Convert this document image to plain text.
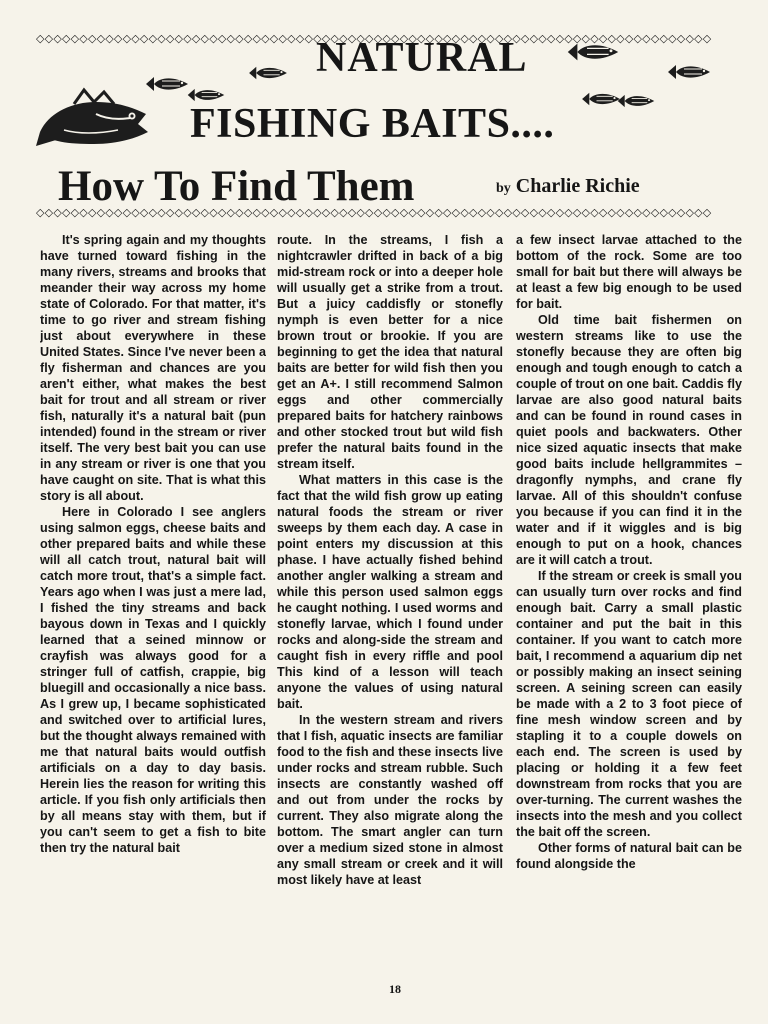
◇◇◇◇◇◇◇◇◇◇◇◇◇◇◇◇◇◇◇◇◇◇◇◇◇◇◇◇◇◇◇◇◇◇◇◇◇◇◇◇◇◇◇◇◇◇◇◇◇◇◇◇◇◇◇◇◇◇◇◇◇◇◇◇◇◇◇◇◇◇◇◇◇◇◇◇◇◇
NATURAL
FISHING BAITS....
How To Find Them	by Charlie Richie
◇◇◇◇◇◇◇◇◇◇◇◇◇◇◇◇◇◇◇◇◇◇◇◇◇◇◇◇◇◇◇◇◇◇◇◇◇◇◇◇◇◇◇◇◇◇◇◇◇◇◇◇◇◇◇◇◇◇◇◇◇◇◇◇◇◇◇◇◇◇◇◇◇◇◇◇◇◇

It's spring again and my thoughts have turned toward fishing in the many rivers, streams and brooks that meander their way across my home state of Colorado. For that matter, it's time to go river and stream fishing just about everywhere in these United States. Since I've never been a fly fisherman and chances are you aren't either, what makes the best bait for trout and all stream or river fish, naturally it's a natural bait (pun intended) found in the stream or river itself. The very best bait you can use in any stream or river is one that you have caught on site. That is what this story is all about.

Here in Colorado I see anglers using salmon eggs, cheese baits and other prepared baits and while these will all catch trout, natural bait will catch more trout, that's a simple fact. Years ago when I was just a mere lad, I fished the tiny streams and back bayous down in Texas and I quickly learned that a seined minnow or crayfish was always good for a stringer full of catfish, crappie, big bluegill and occasionally a nice bass. As I grew up, I became sophisticated and switched over to artificial lures, but the thought always remained with me that natural baits would outfish artificials on a day to day basis. Herein lies the reason for writing this article. If you fish only artificials then by all means stay with them, but if you can't seem to get a fish to bite then try the natural bait

route. In the streams, I fish a nightcrawler drifted in back of a big mid-stream rock or into a deeper hole will usually get a strike from a trout. But a juicy caddisfly or stonefly nymph is even better for a nice brown trout or brookie. If you are beginning to get the idea that natural baits are better for wild fish then you get an A+. I still recommend Salmon eggs and other commercially prepared baits for hatchery rainbows and other stocked trout but wild fish prefer the natural baits found in the stream itself.

What matters in this case is the fact that the wild fish grow up eating natural foods the stream or river sweeps by them each day. A case in point enters my discussion at this phase. I have actually fished behind another angler walking a stream and while this person used salmon eggs he caught nothing. I used worms and stonefly larvae, which I found under rocks and along-side the stream and caught fish in every riffle and pool This kind of a lesson will teach anyone the values of using natural bait.

In the western stream and rivers that I fish, aquatic insects are familiar food to the fish and these insects live under rocks and stream rubble. Such insects are constantly washed off and out from under the rocks by current. They also migrate along the bottom. The smart angler can turn over a medium sized stone in almost any small stream or creek and it will most likely have at least

a few insect larvae attached to the bottom of the rock. Some are too small for bait but there will always be at least a few big enough to be used for bait.

Old time bait fishermen on western streams like to use the stonefly because they are often big enough and tough enough to catch a couple of trout on one bait. Caddis fly larvae are also good natural baits and can be found in round cases in quiet pools and backwaters. Other nice sized aquatic insects that make good baits include hellgrammites – dragonfly nymphs, and crane fly larvae. All of this shouldn't confuse you because if you can find it in the water and if it wiggles and is big enough to put on a hook, chances are it will catch a trout.

If the stream or creek is small you can usually turn over rocks and find enough bait. Carry a small plastic container and put the bait in this container. If you want to catch more bait, I recommend a aquarium dip net or possibly making an insect seining screen. A seining screen can easily be made with a 2 to 3 foot piece of fine mesh window screen and by stapling it to a couple dowels on each end. The screen is used by placing or holding it a few feet downstream from rocks that you are over-turning. The current washes the insects into the mesh and you collect the bait off the screen.

Other forms of natural bait can be found alongside the

18
